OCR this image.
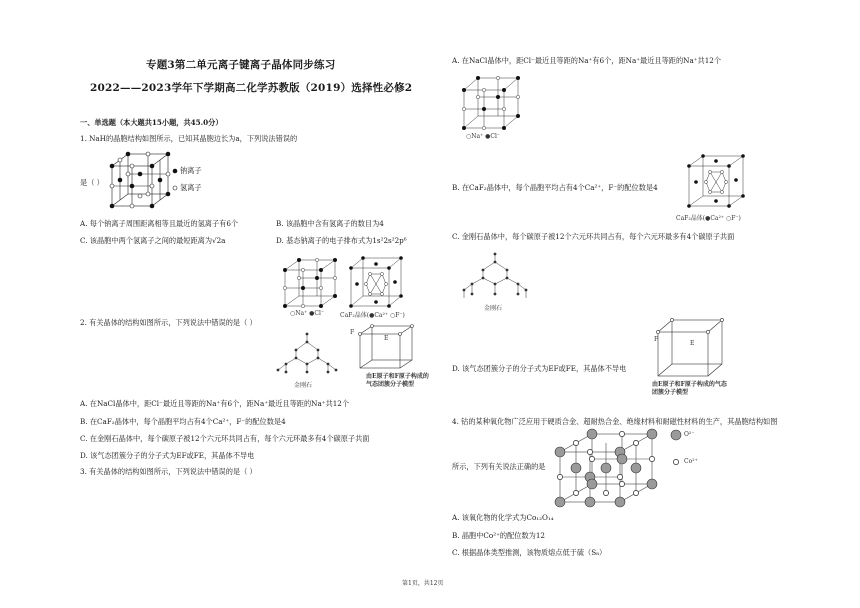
专题3第二单元离子键离子晶体同步练习
2022——2023学年下学期高二化学苏教版（2019）选择性必修2
一、单选题（本大题共15小题，共45.0分）
1. NaH的晶胞结构如图所示，已知其晶胞边长为a，下列说法错误的
是（ ）
钠离子
氢离子
A. 每个钠离子周围距离相等且最近的氢离子有6个	B. 该晶胞中含有氢离子的数目为4
C. 该晶胞中两个氢离子之间的最短距离为√2a	D. 基态钠离子的电子排布式为1s²2s²2p⁶
○Na⁺ ●Cl⁻	CaF₂晶体(●Ca²⁺ ○F⁻)
2. 有关晶体的结构如图所示，下列说法中错误的是（ ）
金刚石
F
E
由E原子和F原子构成的气态团簇分子模型
A. 在NaCl晶体中，距Cl⁻最近且等距的Na⁺有6个，距Na⁺最近且等距的Na⁺共12个
B. 在CaF₂晶体中，每个晶胞平均占有4个Ca²⁺，F⁻的配位数是4
C. 在金刚石晶体中，每个碳原子被12个六元环共同占有，每个六元环最多有4个碳原子共面
D. 该气态团簇分子的分子式为EF或FE，其晶体不导电
3. 有关晶体的结构如图所示，下列说法中错误的是（ ）
A. 在NaCl晶体中，距Cl⁻最近且等距的Na⁺有6个，距Na⁺最近且等距的Na⁺共12个
○Na⁺ ●Cl⁻
B. 在CaF₂晶体中，每个晶胞平均占有4个Ca²⁺，F⁻的配位数是4
CaF₂晶体(●Ca²⁺ ○F⁻)
C. 金刚石晶体中，每个碳原子被12个六元环共同占有，每个六元环最多有4个碳原子共面
金刚石
F
E
D. 该气态团簇分子的分子式为EF或FE，其晶体不导电
由E原子和F原子构成的气态团簇分子模型
4. 钴的某种氧化物广泛应用于硬质合金、超耐热合金、绝缘材料和耐磁性材料的生产，其晶胞结构如图
所示，下列有关说法正确的是
O²⁻
Co²⁺
A. 该氧化物的化学式为Co₁₂O₁₄
B. 晶胞中Co²⁺的配位数为12
C. 根据晶体类型推测，该物质熔点低于硫（S₈）
第1页，共12页
